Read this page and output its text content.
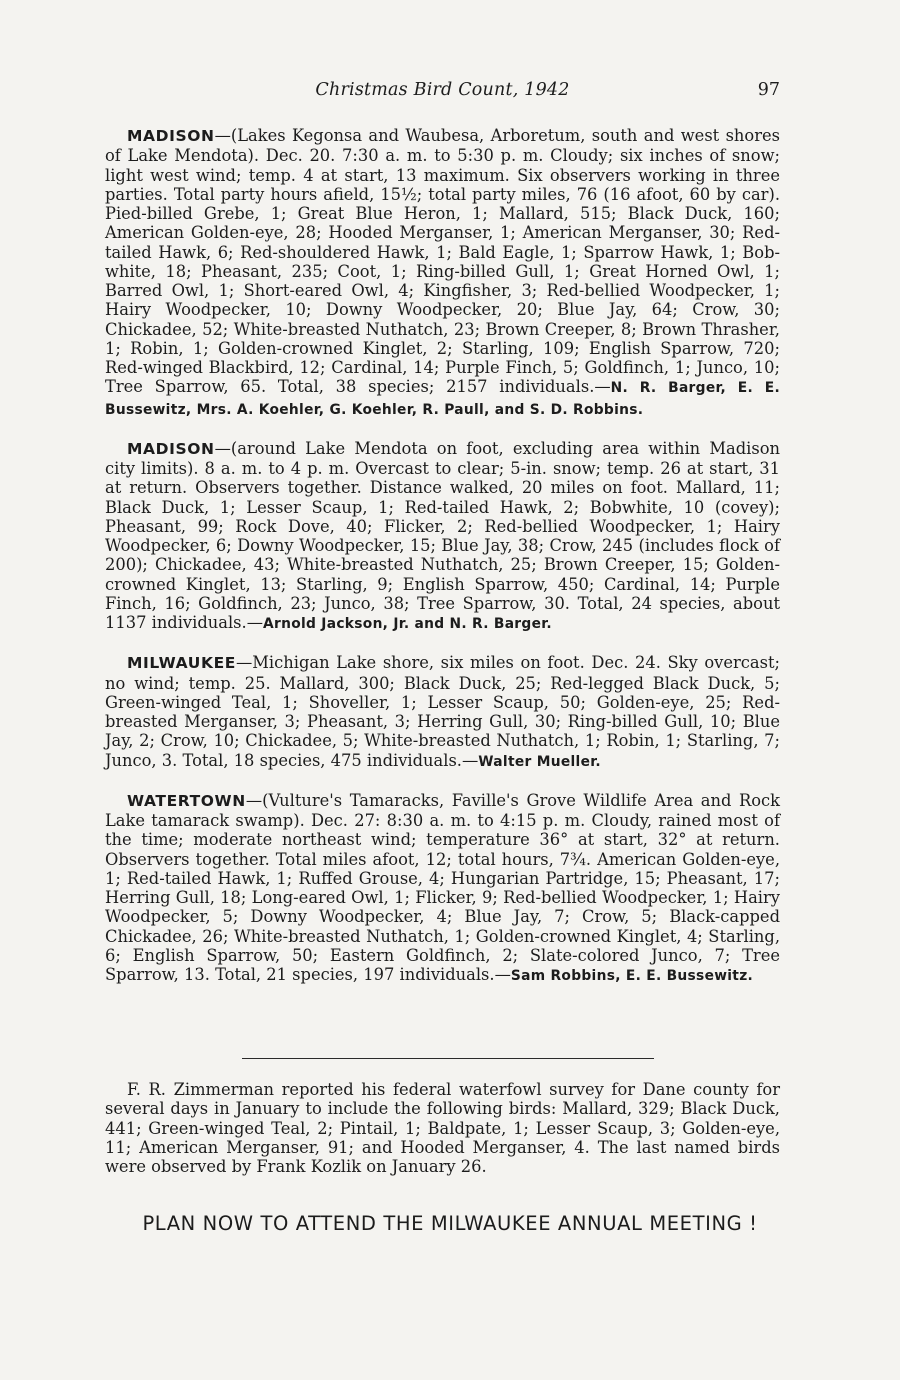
Christmas Bird Count, 1942	97

MADISON—(Lakes Kegonsa and Waubesa, Arboretum, south and west shores of Lake Mendota). Dec. 20. 7:30 a. m. to 5:30 p. m. Cloudy; six inches of snow; light west wind; temp. 4 at start, 13 maximum. Six observers working in three parties. Total party hours afield, 15½; total party miles, 76 (16 afoot, 60 by car). Pied-billed Grebe, 1; Great Blue Heron, 1; Mallard, 515; Black Duck, 160; American Golden-eye, 28; Hooded Merganser, 1; American Merganser, 30; Red-tailed Hawk, 6; Red-shouldered Hawk, 1; Bald Eagle, 1; Sparrow Hawk, 1; Bob-white, 18; Pheasant, 235; Coot, 1; Ring-billed Gull, 1; Great Horned Owl, 1; Barred Owl, 1; Short-eared Owl, 4; Kingfisher, 3; Red-bellied Woodpecker, 1; Hairy Woodpecker, 10; Downy Woodpecker, 20; Blue Jay, 64; Crow, 30; Chickadee, 52; White-breasted Nuthatch, 23; Brown Creeper, 8; Brown Thrasher, 1; Robin, 1; Golden-crowned Kinglet, 2; Starling, 109; English Sparrow, 720; Red-winged Blackbird, 12; Cardinal, 14; Purple Finch, 5; Goldfinch, 1; Junco, 10; Tree Sparrow, 65. Total, 38 species; 2157 individuals.—N. R. Barger, E. E. Bussewitz, Mrs. A. Koehler, G. Koehler, R. Paull, and S. D. Robbins.

MADISON—(around Lake Mendota on foot, excluding area within Madison city limits). 8 a. m. to 4 p. m. Overcast to clear; 5-in. snow; temp. 26 at start, 31 at return. Observers together. Distance walked, 20 miles on foot. Mallard, 11; Black Duck, 1; Lesser Scaup, 1; Red-tailed Hawk, 2; Bobwhite, 10 (covey); Pheasant, 99; Rock Dove, 40; Flicker, 2; Red-bellied Woodpecker, 1; Hairy Woodpecker, 6; Downy Woodpecker, 15; Blue Jay, 38; Crow, 245 (includes flock of 200); Chickadee, 43; White-breasted Nuthatch, 25; Brown Creeper, 15; Golden-crowned Kinglet, 13; Starling, 9; English Sparrow, 450; Cardinal, 14; Purple Finch, 16; Goldfinch, 23; Junco, 38; Tree Sparrow, 30. Total, 24 species, about 1137 individuals.—Arnold Jackson, Jr. and N. R. Barger.

MILWAUKEE—Michigan Lake shore, six miles on foot. Dec. 24. Sky overcast; no wind; temp. 25. Mallard, 300; Black Duck, 25; Red-legged Black Duck, 5; Green-winged Teal, 1; Shoveller, 1; Lesser Scaup, 50; Golden-eye, 25; Red-breasted Merganser, 3; Pheasant, 3; Herring Gull, 30; Ring-billed Gull, 10; Blue Jay, 2; Crow, 10; Chickadee, 5; White-breasted Nuthatch, 1; Robin, 1; Starling, 7; Junco, 3. Total, 18 species, 475 individuals.—Walter Mueller.

WATERTOWN—(Vulture's Tamaracks, Faville's Grove Wildlife Area and Rock Lake tamarack swamp). Dec. 27: 8:30 a. m. to 4:15 p. m. Cloudy, rained most of the time; moderate northeast wind; temperature 36° at start, 32° at return. Observers together. Total miles afoot, 12; total hours, 7¾. American Golden-eye, 1; Red-tailed Hawk, 1; Ruffed Grouse, 4; Hungarian Partridge, 15; Pheasant, 17; Herring Gull, 18; Long-eared Owl, 1; Flicker, 9; Red-bellied Woodpecker, 1; Hairy Woodpecker, 5; Downy Woodpecker, 4; Blue Jay, 7; Crow, 5; Black-capped Chickadee, 26; White-breasted Nuthatch, 1; Golden-crowned Kinglet, 4; Starling, 6; English Sparrow, 50; Eastern Goldfinch, 2; Slate-colored Junco, 7; Tree Sparrow, 13. Total, 21 species, 197 individuals.—Sam Robbins, E. E. Bussewitz.

F. R. Zimmerman reported his federal waterfowl survey for Dane county for several days in January to include the following birds: Mallard, 329; Black Duck, 441; Green-winged Teal, 2; Pintail, 1; Baldpate, 1; Lesser Scaup, 3; Golden-eye, 11; American Merganser, 91; and Hooded Merganser, 4. The last named birds were observed by Frank Kozlik on January 26.

PLAN NOW TO ATTEND THE MILWAUKEE ANNUAL MEETING !
